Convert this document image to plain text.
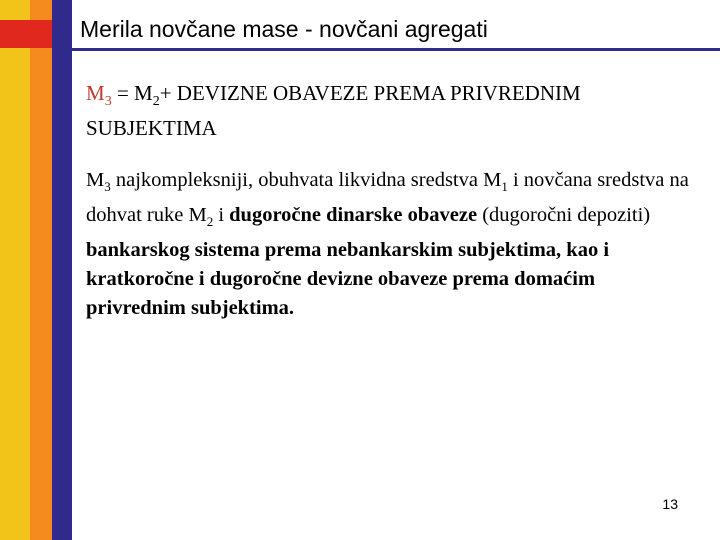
Merila novčane mase - novčani agregati
$M_3 = M_2+$ DEVIZNE OBAVEZE PREMA PRIVREDNIM SUBJEKTIMA
$M_3$ najkompleksniji, obuhvata likvidna sredstva $M_1$ i novčana sredstva na dohvat ruke $M_2$ i dugoročne dinarske obaveze (dugoročni depoziti) bankarskog sistema prema nebankarskim subjektima, kao i kratkoročne i dugoročne devizne obaveze prema domaćim privrednim subjektima.
13
